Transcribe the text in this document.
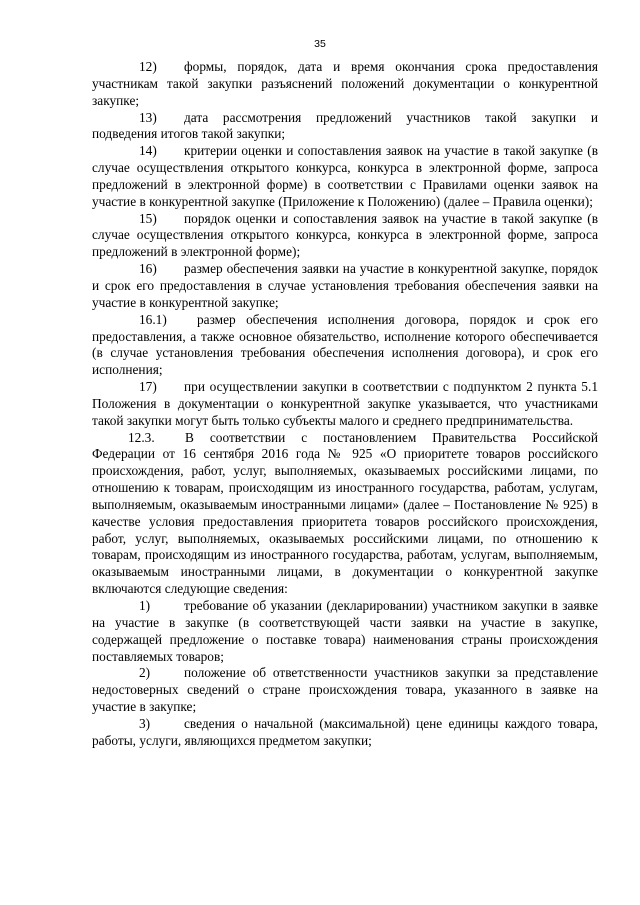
35

12) формы, порядок, дата и время окончания срока предоставления участникам такой закупки разъяснений положений документации о конкурентной закупке;

13) дата рассмотрения предложений участников такой закупки и подведения итогов такой закупки;

14) критерии оценки и сопоставления заявок на участие в такой закупке (в случае осуществления открытого конкурса, конкурса в электронной форме, запроса предложений в электронной форме) в соответствии с Правилами оценки заявок на участие в конкурентной закупке (Приложение к Положению) (далее – Правила оценки);

15) порядок оценки и сопоставления заявок на участие в такой закупке (в случае осуществления открытого конкурса, конкурса в электронной форме, запроса предложений в электронной форме);

16) размер обеспечения заявки на участие в конкурентной закупке, порядок и срок его предоставления в случае установления требования обеспечения заявки на участие в конкурентной закупке;

16.1) размер обеспечения исполнения договора, порядок и срок его предоставления, а также основное обязательство, исполнение которого обеспечивается (в случае установления требования обеспечения исполнения договора), и срок его исполнения;

17) при осуществлении закупки в соответствии с подпунктом 2 пункта 5.1 Положения в документации о конкурентной закупке указывается, что участниками такой закупки могут быть только субъекты малого и среднего предпринимательства.

12.3. В соответствии с постановлением Правительства Российской Федерации от 16 сентября 2016 года № 925 «О приоритете товаров российского происхождения, работ, услуг, выполняемых, оказываемых российскими лицами, по отношению к товарам, происходящим из иностранного государства, работам, услугам, выполняемым, оказываемым иностранными лицами» (далее – Постановление № 925) в качестве условия предоставления приоритета товаров российского происхождения, работ, услуг, выполняемых, оказываемых российскими лицами, по отношению к товарам, происходящим из иностранного государства, работам, услугам, выполняемым, оказываемым иностранными лицами, в документации о конкурентной закупке включаются следующие сведения:

1)	требование об указании (декларировании) участником закупки в заявке на участие в закупке (в соответствующей части заявки на участие в закупке, содержащей предложение о поставке товара) наименования страны происхождения поставляемых товаров;

2)	положение об ответственности участников закупки за представление недостоверных сведений о стране происхождения товара, указанного в заявке на участие в закупке;

3)	сведения о начальной (максимальной) цене единицы каждого товара, работы, услуги, являющихся предметом закупки;
